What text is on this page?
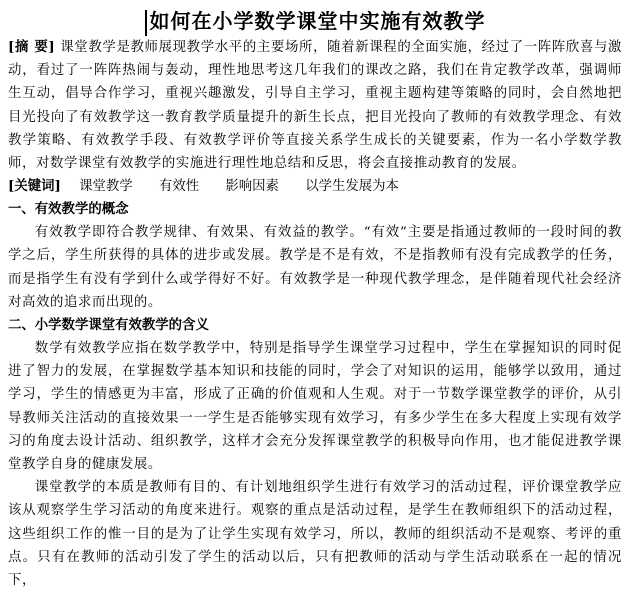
如何在小学数学课堂中实施有效教学

[摘 要] 课堂教学是教师展现教学水平的主要场所，随着新课程的全面实施，经过了一阵阵欣喜与激动，看过了一阵阵热闹与轰动，理性地思考这几年我们的课改之路，我们在肯定教学改革，强调师生互动，倡导合作学习，重视兴趣激发，引导自主学习，重视主题构建等策略的同时，会自然地把目光投向了有效教学这一教育教学质量提升的新生长点，把目光投向了教师的有效教学理念、有效教学策略、有效教学手段、有效教学评价等直接关系学生成长的关键要素，作为一名小学数学教师，对数学课堂有效教学的实施进行理性地总结和反思，将会直接推动教育的发展。

[关键词] 课堂教学 有效性 影响因素 以学生发展为本

一、有效教学的概念

有效教学即符合教学规律、有效果、有效益的教学。“有效”主要是指通过教师的一段时间的教学之后，学生所获得的具体的进步或发展。教学是不是有效，不是指教师有没有完成教学的任务，而是指学生有没有学到什么或学得好不好。有效教学是一种现代教学理念，是伴随着现代社会经济对高效的追求而出现的。

二、小学数学课堂有效教学的含义

数学有效教学应指在数学教学中，特别是指导学生课堂学习过程中，学生在掌握知识的同时促进了智力的发展，在掌握数学基本知识和技能的同时，学会了对知识的运用，能够学以致用，通过学习，学生的情感更为丰富，形成了正确的价值观和人生观。对于一节数学课堂教学的评价，从引导教师关注活动的直接效果一一学生是否能够实现有效学习，有多少学生在多大程度上实现有效学习的角度去设计活动、组织教学，这样才会充分发挥课堂教学的积极导向作用，也才能促进教学课堂教学自身的健康发展。

课堂教学的本质是教师有目的、有计划地组织学生进行有效学习的活动过程，评价课堂教学应该从观察学生学习活动的角度来进行。观察的重点是活动过程，是学生在教师组织下的活动过程，这些组织工作的惟一目的是为了让学生实现有效学习，所以，教师的组织活动不是观察、考评的重点。只有在教师的活动引发了学生的活动以后，只有把教师的活动与学生活动联系在一起的情况下，
